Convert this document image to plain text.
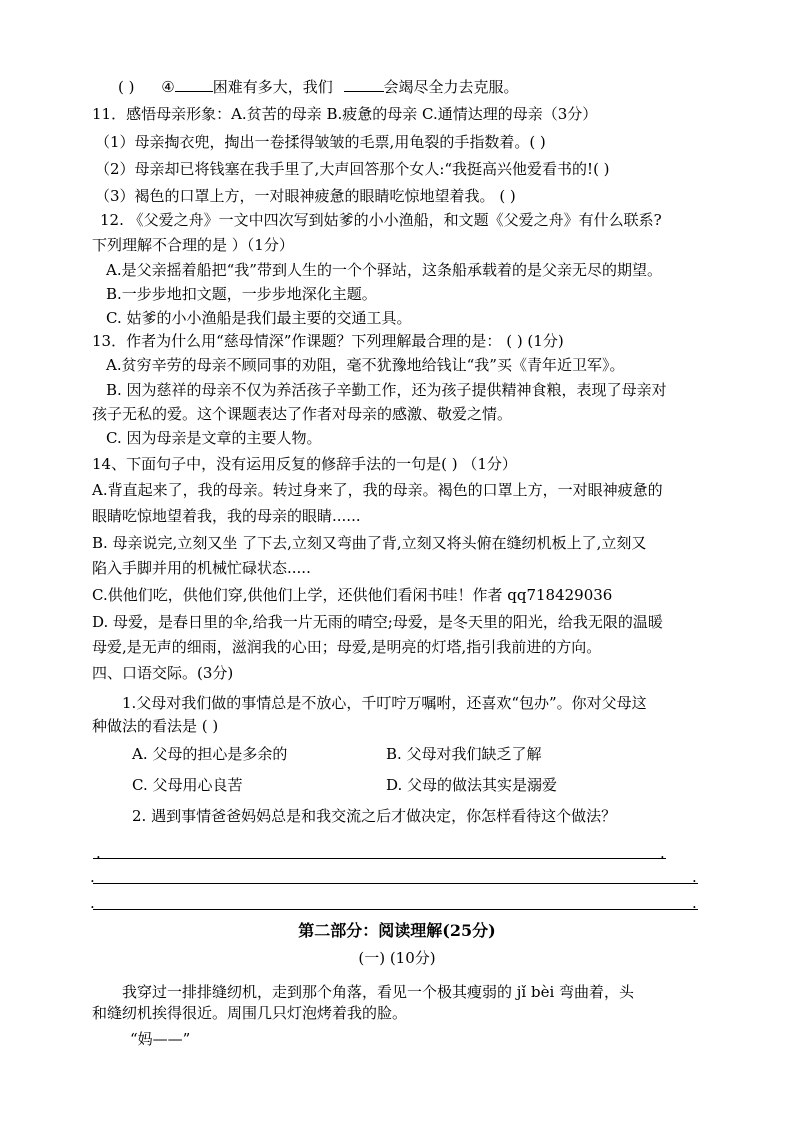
( ) ④	困难有多大，我们	会竭尽全力去克服。
11．感悟母亲形象：A.贫苦的母亲 B.疲惫的母亲 C.通情达理的母亲（3分）
（1）母亲掏衣兜，掏出一卷揉得皱皱的毛票,用龟裂的手指数着。( )
（2）母亲却已将钱塞在我手里了,大声回答那个女人:“我挺高兴他爱看书的!( )
（3）褐色的口罩上方，一对眼神疲惫的眼睛吃惊地望着我。 ( )
12. 《父爱之舟》一文中四次写到姑爹的小小渔船，和文题《父爱之舟》有什么联系?
下列理解不合理的是 ）（1分）
A.是父亲摇着船把“我”带到人生的一个个驿站，这条船承载着的是父亲无尽的期望。
B.一步步地扣文题，一步步地深化主题。
C. 姑爹的小小渔船是我们最主要的交通工具。
13．作者为什么用“慈母情深”作课题？下列理解最合理的是： ( ) (1分)
A.贫穷辛劳的母亲不顾同事的劝阻，毫不犹豫地给钱让“我”买《青年近卫军》。
B. 因为慈祥的母亲不仅为养活孩子辛勤工作，还为孩子提供精神食粮，表现了母亲对
孩子无私的爱。这个课题表达了作者对母亲的感激、敬爱之情。
C. 因为母亲是文章的主要人物。
14、下面句子中，没有运用反复的修辞手法的一句是( ) （1分）
A.背直起来了，我的母亲。转过身来了，我的母亲。褐色的口罩上方，一对眼神疲惫的
眼睛吃惊地望着我，我的母亲的眼睛......
B. 母亲说完,立刻又坐 了下去,立刻又弯曲了背,立刻又将头俯在缝纫机板上了,立刻又
陷入手脚并用的机械忙碌状态.....
C.供他们吃，供他们穿,供他们上学，还供他们看闲书哇！作者 qq718429036
D. 母爱，是春日里的伞,给我一片无雨的晴空;母爱，是冬天里的阳光，给我无限的温暖
母爱,是无声的细雨，滋润我的心田；母爱,是明亮的灯塔,指引我前进的方向。
四、口语交际。(3分)
1.父母对我们做的事情总是不放心，千叮咛万嘱咐，还喜欢“包办”。你对父母这
种做法的看法是 ( )
A. 父母的担心是多余的	B. 父母对我们缺乏了解
C. 父母用心良苦	D. 父母的做法其实是溺爱
2. 遇到事情爸爸妈妈总是和我交流之后才做决定，你怎样看待这个做法？
.	.
.	.
.	.
第二部分：阅读理解(25分)
(一) (10分)
我穿过一排排缝纫机，走到那个角落，看见一个极其瘦弱的 jǐ bèi 弯曲着，头
和缝纫机挨得很近。周围几只灯泡烤着我的脸。
“妈——”
